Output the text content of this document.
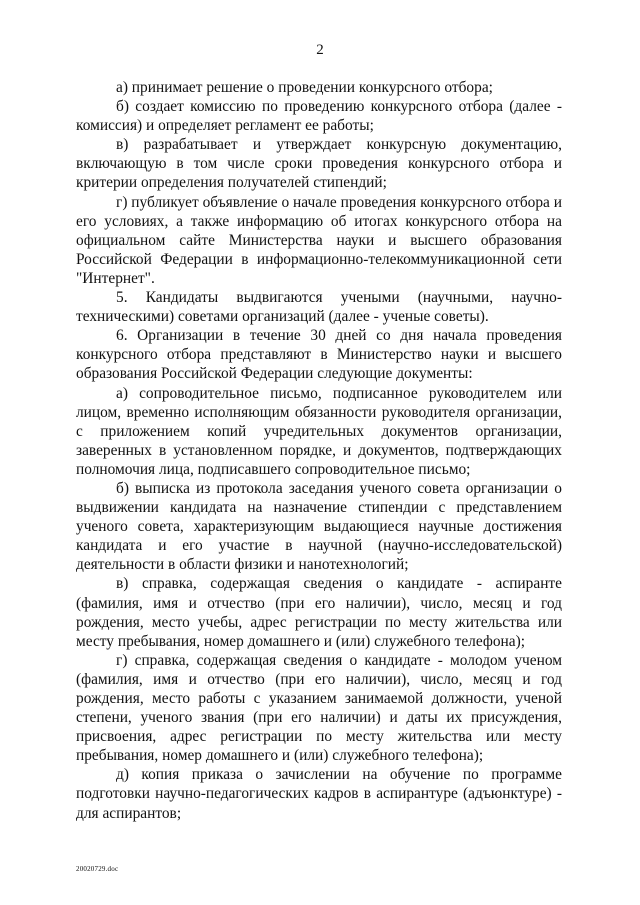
2

а) принимает решение о проведении конкурсного отбора;

б) создает комиссию по проведению конкурсного отбора (далее - комиссия) и определяет регламент ее работы;

в) разрабатывает и утверждает конкурсную документацию, включающую в том числе сроки проведения конкурсного отбора и критерии определения получателей стипендий;

г) публикует объявление о начале проведения конкурсного отбора и его условиях, а также информацию об итогах конкурсного отбора на официальном сайте Министерства науки и высшего образования Российской Федерации в информационно-телекоммуникационной сети "Интернет".

5. Кандидаты выдвигаются учеными (научными, научно-техническими) советами организаций (далее - ученые советы).

6. Организации в течение 30 дней со дня начала проведения конкурсного отбора представляют в Министерство науки и высшего образования Российской Федерации следующие документы:

а) сопроводительное письмо, подписанное руководителем или лицом, временно исполняющим обязанности руководителя организации, с приложением копий учредительных документов организации, заверенных в установленном порядке, и документов, подтверждающих полномочия лица, подписавшего сопроводительное письмо;

б) выписка из протокола заседания ученого совета организации о выдвижении кандидата на назначение стипендии с представлением ученого совета, характеризующим выдающиеся научные достижения кандидата и его участие в научной (научно-исследовательской) деятельности в области физики и нанотехнологий;

в) справка, содержащая сведения о кандидате - аспиранте (фамилия, имя и отчество (при его наличии), число, месяц и год рождения, место учебы, адрес регистрации по месту жительства или месту пребывания, номер домашнего и (или) служебного телефона);

г) справка, содержащая сведения о кандидате - молодом ученом (фамилия, имя и отчество (при его наличии), число, месяц и год рождения, место работы с указанием занимаемой должности, ученой степени, ученого звания (при его наличии) и даты их присуждения, присвоения, адрес регистрации по месту жительства или месту пребывания, номер домашнего и (или) служебного телефона);

д) копия приказа о зачислении на обучение по программе подготовки научно-педагогических кадров в аспирантуре (адъюнктуре) - для аспирантов;

20020729.doc
